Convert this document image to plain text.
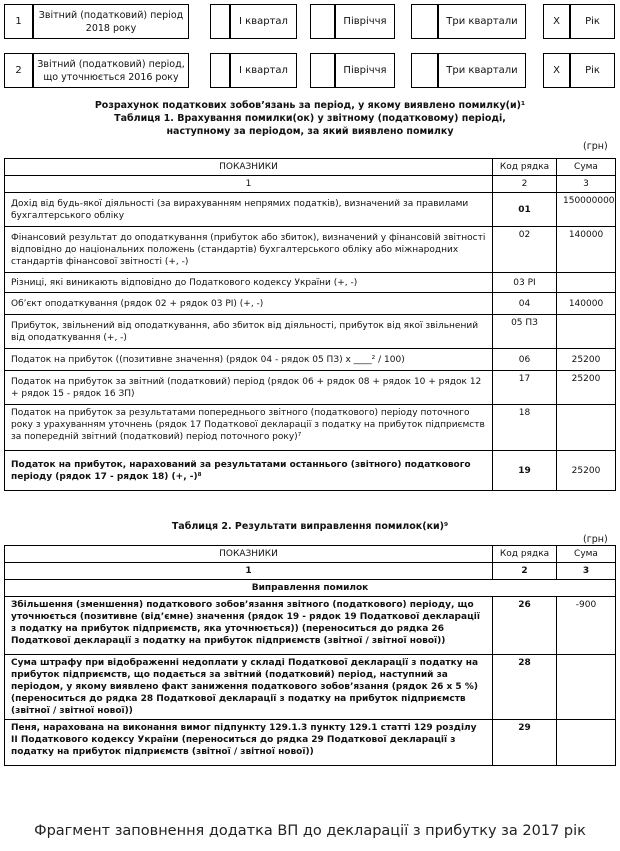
1
Звітний (податковий) період 2018 року
І квартал	Півріччя	Три квартали	X	Рік
2
Звітний (податковий) період, що уточнюється 2016 року
І квартал	Півріччя	Три квартали	X	Рік
Розрахунок податкових зобов’язань за період, у якому виявлено помилку(и)¹
Таблиця 1. Врахування помилки(ок) у звітному (податковому) періоді,
наступному за періодом, за який виявлено помилку
(грн)
ПОКАЗНИКИ	Код рядка	Сума
1	2	3
Дохід від будь-якої діяльності (за вирахуванням непрямих податків), визначений за правилами бухгалтерського обліку	01	150000000
Фінансовий результат до оподаткування (прибуток або збиток), визначений у фінансовій звітності відповідно до національних положень (стандартів) бухгалтерського обліку або міжнародних стандартів фінансової звітності (+, -)	02	140000
Різниці, які виникають відповідно до Податкового кодексу України (+, -)	03 РІ	
Об’єкт оподаткування (рядок 02 + рядок 03 РІ) (+, -)	04	140000
Прибуток, звільнений від оподаткування, або збиток від діяльності, прибуток від якої звільнений від оподаткування (+, -)	05 ПЗ	
Податок на прибуток ((позитивне значення) (рядок 04 - рядок 05 ПЗ) х ____² / 100)	06	25200
Податок на прибуток за звітний (податковий) період (рядок 06 + рядок 08 + рядок 10 + рядок 12 + рядок 15 - рядок 16 ЗП)	17	25200
Податок на прибуток за результатами попереднього звітного (податкового) періоду поточного року з урахуванням уточнень (рядок 17 Податкової декларації з податку на прибуток підприємств за попередній звітний (податковий) період поточного року)⁷	18	
Податок на прибуток, нарахований за результатами останнього (звітного) податкового періоду (рядок 17 - рядок 18) (+, -)⁸	19	25200
Таблиця 2. Результати виправлення помилок(ки)⁹
(грн)
ПОКАЗНИКИ	Код рядка	Сума
1	2	3
Виправлення помилок		
Збільшення (зменшення) податкового зобов’язання звітного (податкового) періоду, що уточнюється (позитивне (від’ємне) значення (рядок 19 - рядок 19 Податкової декларації з податку на прибуток підприємств, яка уточнюється)) (переноситься до рядка 26 Податкової декларації з податку на прибуток підприємств (звітної / звітної нової))	26	-900
Сума штрафу при відображенні недоплати у складі Податкової декларації з податку на прибуток підприємств, що подається за звітний (податковий) період, наступний за періодом, у якому виявлено факт заниження податкового зобов’язання (рядок 26 х 5 %) (переноситься до рядка 28 Податкової декларації з податку на прибуток підприємств (звітної / звітної нової))	28	
Пеня, нарахована на виконання вимог підпункту 129.1.3 пункту 129.1 статті 129 розділу ІІ Податкового кодексу України (переноситься до рядка 29 Податкової декларації з податку на прибуток підприємств (звітної / звітної нової))	29	
Фрагмент заповнення додатка ВП до декларації з прибутку за 2017 рік
